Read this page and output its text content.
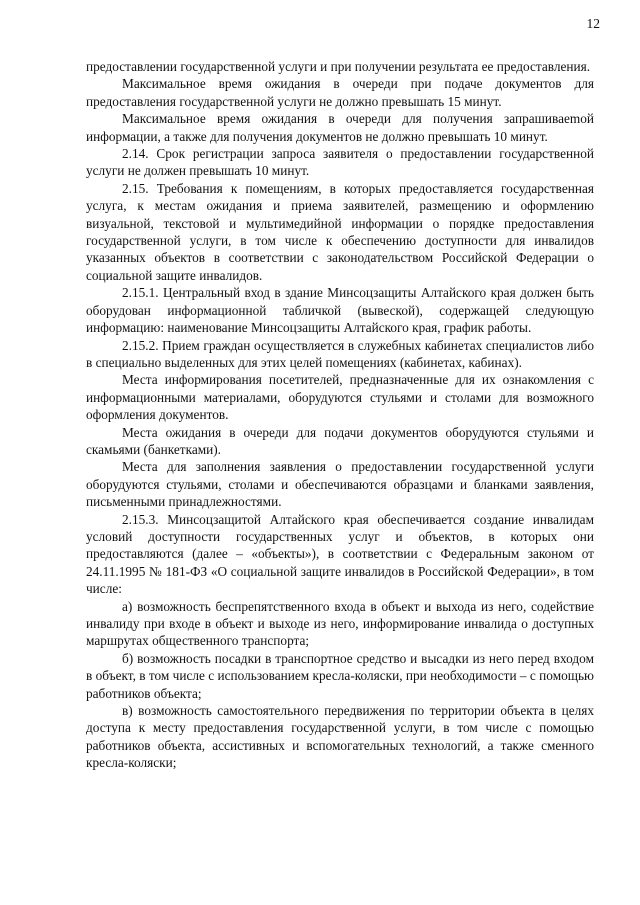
12

предоставлении государственной услуги и при получении результата ее предоставления.

Максимальное время ожидания в очереди при подаче документов для предоставления государственной услуги не должно превышать 15 минут.

Максимальное время ожидания в очереди для получения запрашиваеmой информации, а также для получения документов не должно превышать 10 минут.

2.14. Срок регистрации запроса заявителя о предоставлении государственной услуги не должен превышать 10 минут.

2.15. Требования к помещениям, в которых предоставляется государственная услуга, к местам ожидания и приема заявителей, размещению и оформлению визуальной, текстовой и мультимедийной информации о порядке предоставления государственной услуги, в том числе к обеспечению доступности для инвалидов указанных объектов в соответствии с законодательством Российской Федерации о социальной защите инвалидов.

2.15.1. Центральный вход в здание Минсоцзащиты Алтайского края должен быть оборудован информационной табличкой (вывеской), содержащей следующую информацию: наименование Минсоцзащиты Алтайского края, график работы.

2.15.2. Прием граждан осуществляется в служебных кабинетах специалистов либо в специально выделенных для этих целей помещениях (кабинетах, кабинах).

Места информирования посетителей, предназначенные для их ознакомления с информационными материалами, оборудуются стульями и столами для возможного оформления документов.

Места ожидания в очереди для подачи документов оборудуются стульями и скамьями (банкетками).

Места для заполнения заявления о предоставлении государственной услуги оборудуются стульями, столами и обеспечиваются образцами и бланками заявления, письменными принадлежностями.

2.15.3. Минсоцзащитой Алтайского края обеспечивается создание инвалидам условий доступности государственных услуг и объектов, в которых они предоставляются (далее – «объекты»), в соответствии с Федеральным законом от 24.11.1995 № 181-ФЗ «О социальной защите инвалидов в Российской Федерации», в том числе:

а) возможность беспрепятственного входа в объект и выхода из него, содействие инвалиду при входе в объект и выходе из него, информирование инвалида о доступных маршрутах общественного транспорта;

б) возможность посадки в транспортное средство и высадки из него перед входом в объект, в том числе с использованием кресла-коляски, при необходимости – с помощью работников объекта;

в) возможность самостоятельного передвижения по территории объекта в целях доступа к месту предоставления государственной услуги, в том числе с помощью работников объекта, ассистивных и вспомогательных технологий, а также сменного кресла-коляски;
